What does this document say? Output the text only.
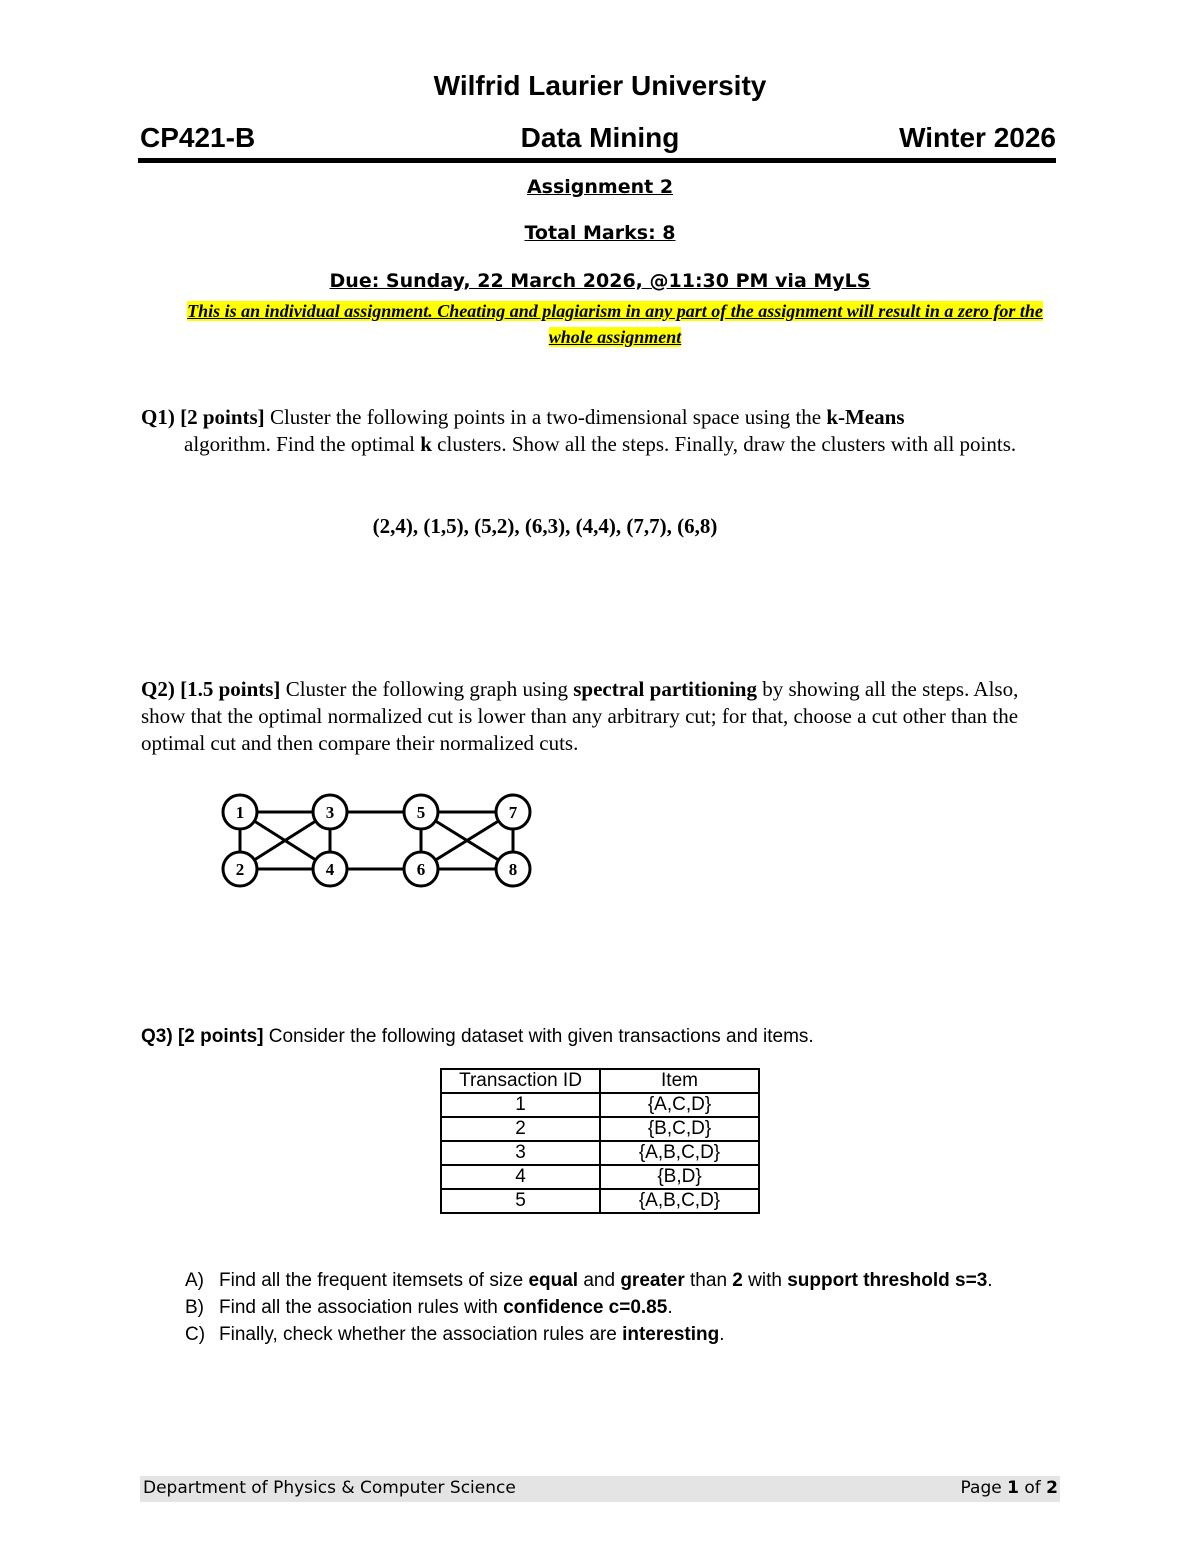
Wilfrid Laurier University
CP421-B	Data Mining	Winter 2026
Assignment 2
Total Marks: 8
Due: Sunday, 22 March 2026, @11:30 PM via MyLS
This is an individual assignment. Cheating and plagiarism in any part of the assignment will result in a zero for the whole assignment
Q1) [2 points] Cluster the following points in a two-dimensional space using the k-Means
algorithm. Find the optimal k clusters. Show all the steps. Finally, draw the clusters with all points.
(2,4), (1,5), (5,2), (6,3), (4,4), (7,7), (6,8)
Q2) [1.5 points] Cluster the following graph using spectral partitioning by showing all the steps. Also, show that the optimal normalized cut is lower than any arbitrary cut; for that, choose a cut other than the optimal cut and then compare their normalized cuts.
1
2
3
4
5
6
7
8
Q3) [2 points] Consider the following dataset with given transactions and items.
Transaction ID	Item
1	{A,C,D}
2	{B,C,D}
3	{A,B,C,D}
4	{B,D}
5	{A,B,C,D}
A) Find all the frequent itemsets of size equal and greater than 2 with support threshold s=3.
B) Find all the association rules with confidence c=0.85.
C) Finally, check whether the association rules are interesting.
Department of Physics & Computer Science	Page 1 of 2
